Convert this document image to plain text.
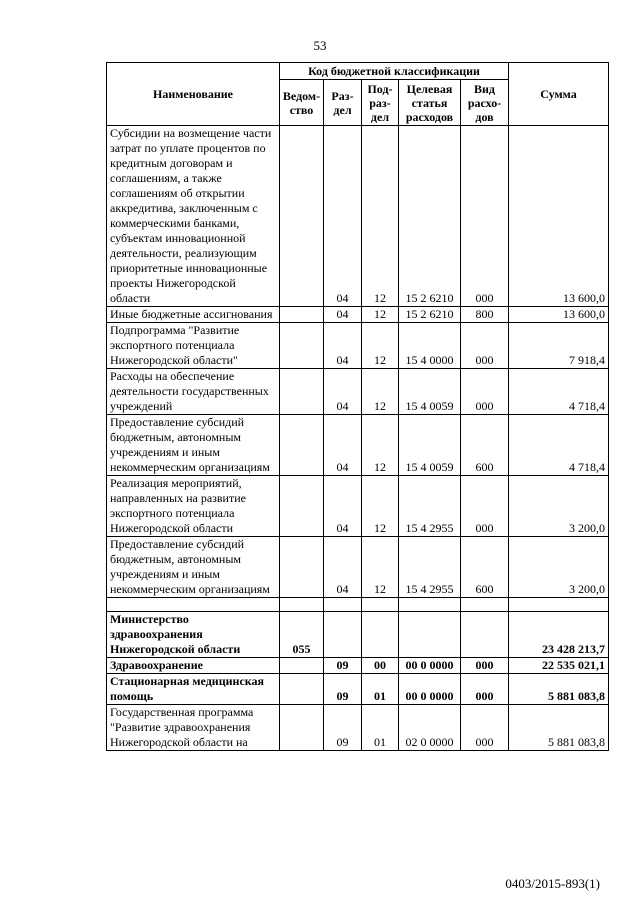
53
Наименование	Код бюджетной классификации					Сумма
	Ведом-ство	Раз-дел	Под-раз-дел	Целевая статья расходов	Вид расхо-дов	
Субсидии на возмещение части затрат по уплате процентов по кредитным договорам и соглашениям, а также соглашениям об открытии аккредитива, заключенным с коммерческими банками, субъектам инновационной деятельности, реализующим приоритетные инновационные проекты Нижегородской области		04	12	15 2 6210	000	13 600,0
Иные бюджетные ассигнования		04	12	15 2 6210	800	13 600,0
Подпрограмма "Развитие экспортного потенциала Нижегородской области"		04	12	15 4 0000	000	7 918,4
Расходы на обеспечение деятельности государственных учреждений		04	12	15 4 0059	000	4 718,4
Предоставление субсидий бюджетным, автономным учреждениям и иным некоммерческим организациям		04	12	15 4 0059	600	4 718,4
Реализация мероприятий, направленных на развитие экспортного потенциала Нижегородской области		04	12	15 4 2955	000	3 200,0
Предоставление субсидий бюджетным, автономным учреждениям и иным некоммерческим организациям		04	12	15 4 2955	600	3 200,0

Министерство здравоохранения Нижегородской области	055					23 428 213,7
Здравоохранение		09	00	00 0 0000	000	22 535 021,1
Стационарная медицинская помощь		09	01	00 0 0000	000	5 881 083,8
Государственная программа "Развитие здравоохранения Нижегородской области на		09	01	02 0 0000	000	5 881 083,8
0403/2015-893(1)
